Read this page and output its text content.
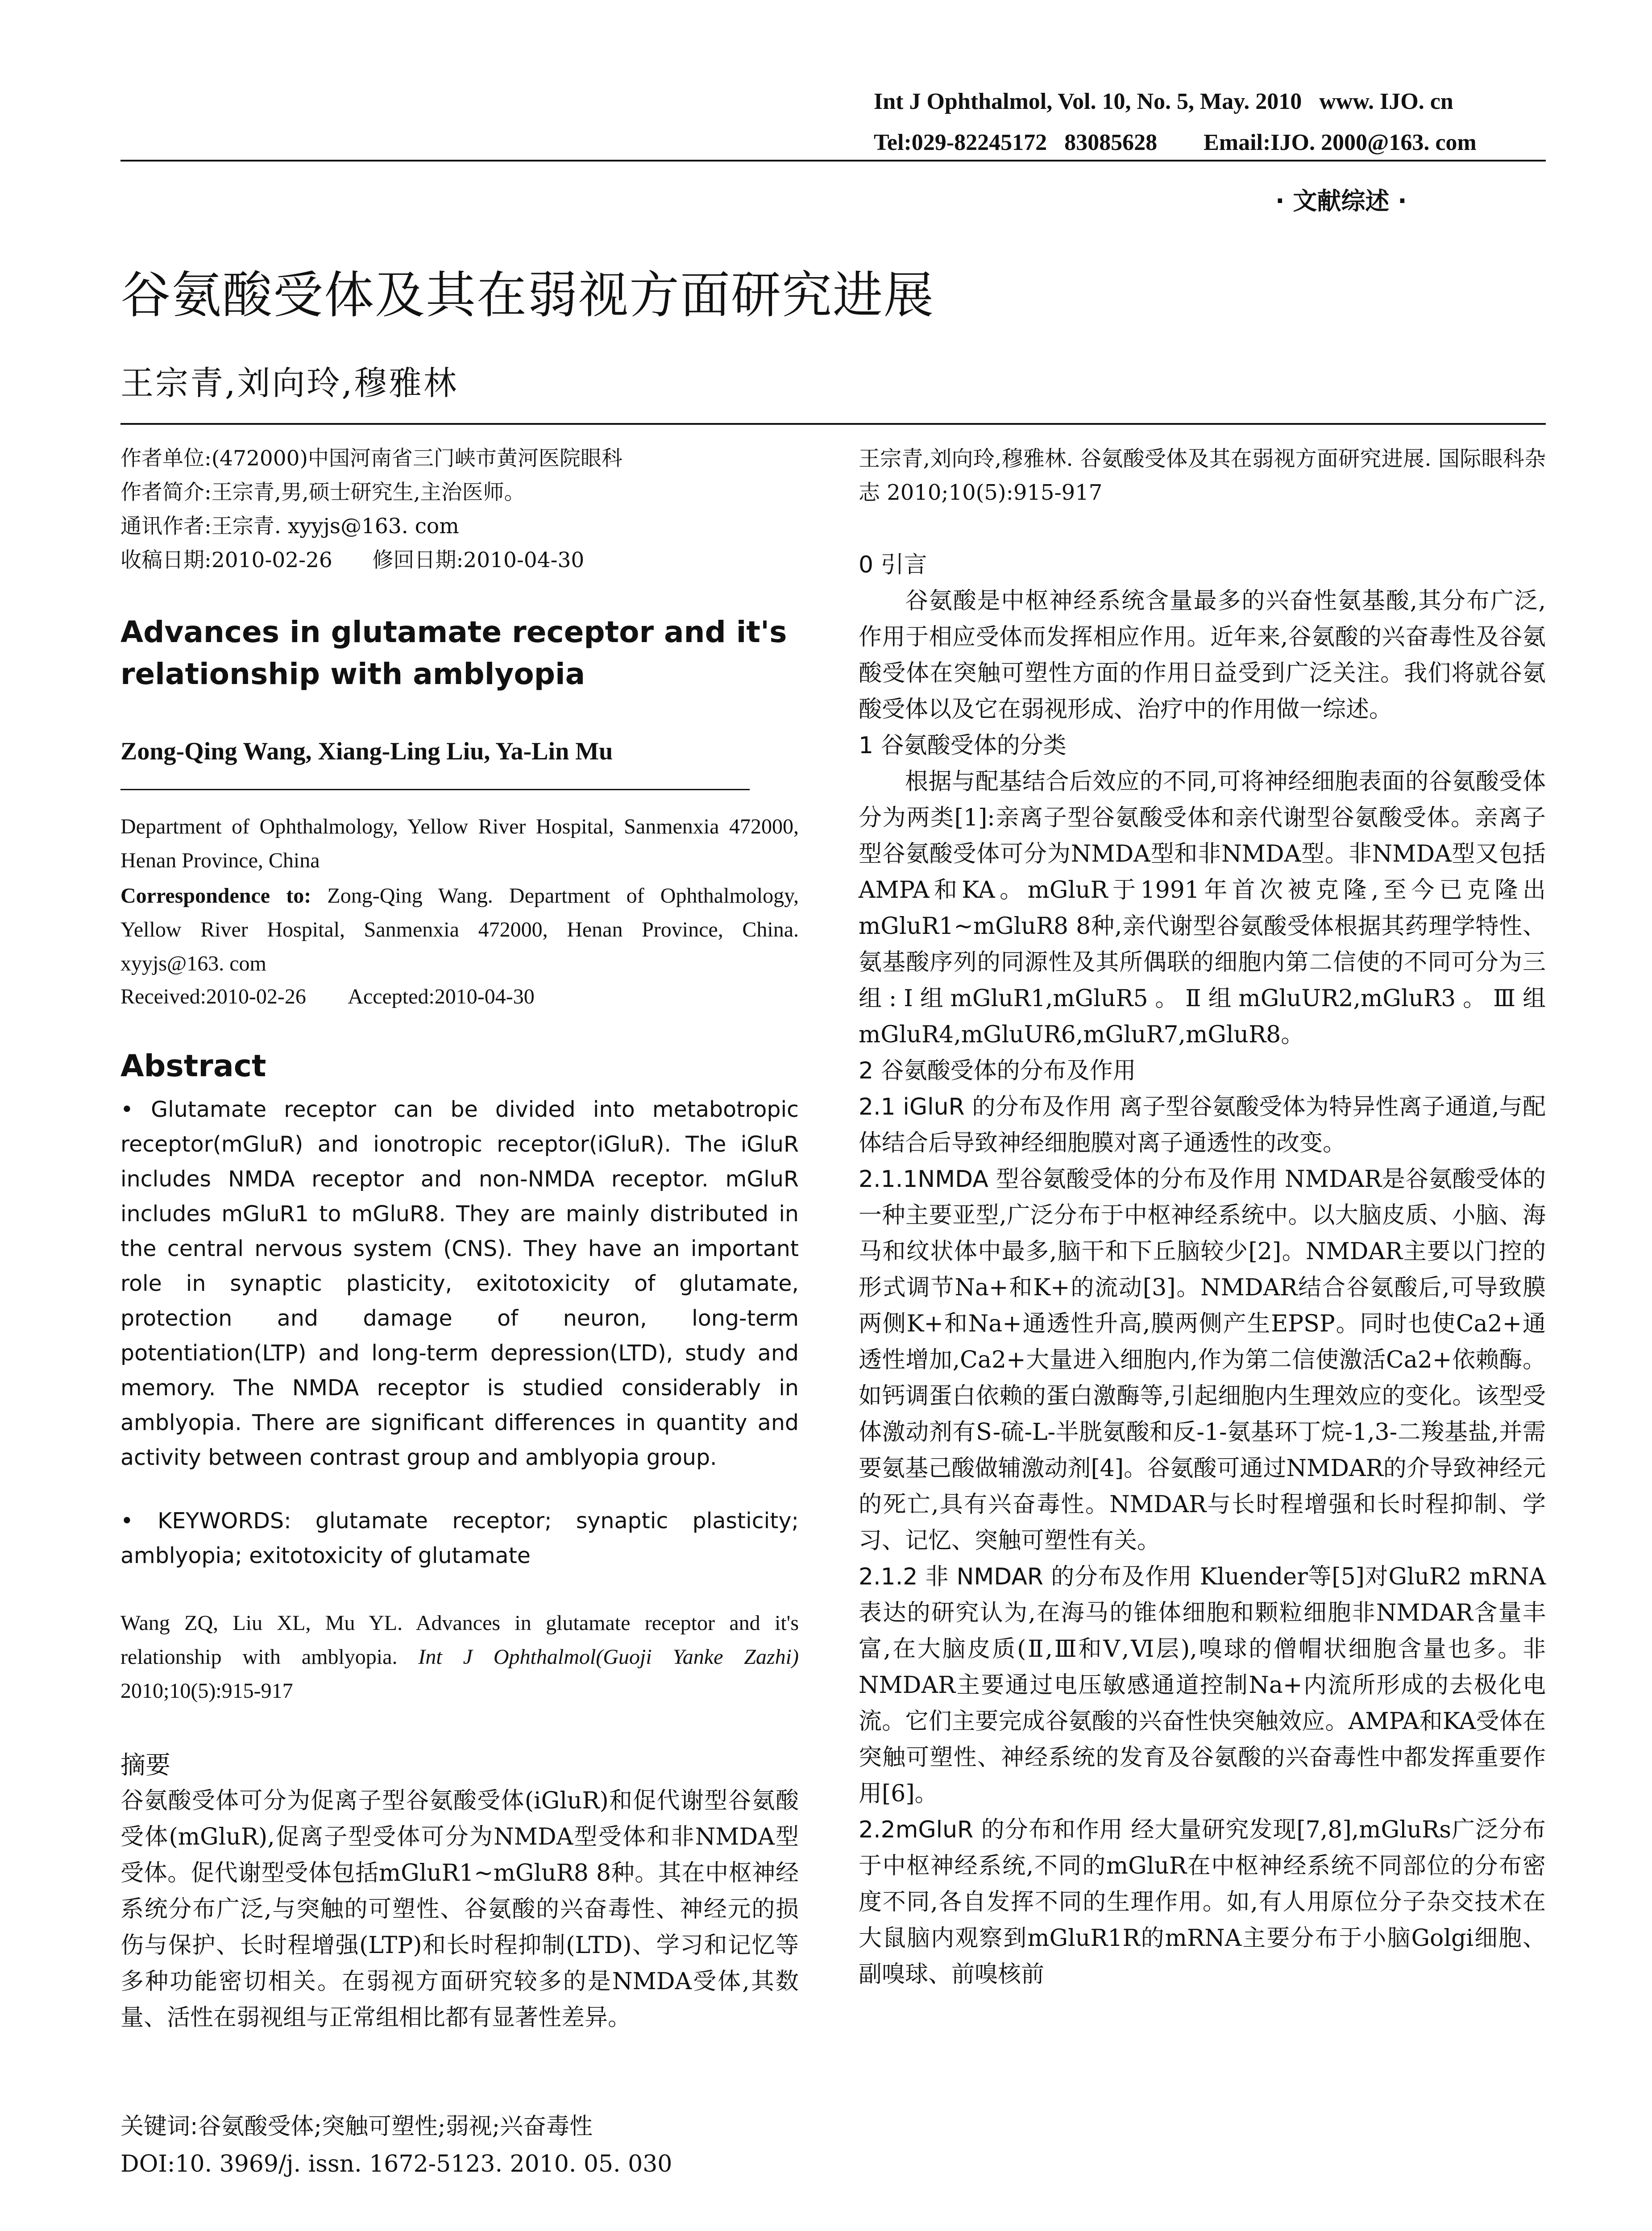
Int J Ophthalmol, Vol. 10, No. 5, May. 2010   www. IJO. cn
Tel:029-82245172   83085628        Email:IJO. 2000@163. com
· 文献综述 ·
谷氨酸受体及其在弱视方面研究进展
王宗青,刘向玲,穆雅林
作者单位:(472000)中国河南省三门峡市黄河医院眼科
作者简介:王宗青,男,硕士研究生,主治医师。
通讯作者:王宗青. xyyjs@163. com
收稿日期:2010-02-26      修回日期:2010-04-30
Advances in glutamate receptor and it's relationship with amblyopia
Zong-Qing Wang, Xiang-Ling Liu, Ya-Lin Mu
Department of Ophthalmology, Yellow River Hospital, Sanmenxia 472000, Henan Province, China
Correspondence to: Zong-Qing Wang. Department of Ophthalmology, Yellow River Hospital, Sanmenxia 472000, Henan Province, China. xyyjs@163. com
Received:2010-02-26        Accepted:2010-04-30
Abstract
• Glutamate receptor can be divided into metabotropic receptor(mGluR) and ionotropic receptor(iGluR). The iGluR includes NMDA receptor and non-NMDA receptor. mGluR includes mGluR1 to mGluR8. They are mainly distributed in the central nervous system (CNS). They have an important role in synaptic plasticity, exitotoxicity of glutamate, protection and damage of neuron, long-term potentiation(LTP) and long-term depression(LTD), study and memory. The NMDA receptor is studied considerably in amblyopia. There are significant differences in quantity and activity between contrast group and amblyopia group.
• KEYWORDS: glutamate receptor; synaptic plasticity; amblyopia; exitotoxicity of glutamate
Wang ZQ, Liu XL, Mu YL. Advances in glutamate receptor and it's relationship with amblyopia. Int J Ophthalmol(Guoji Yanke Zazhi) 2010;10(5):915-917
摘要
谷氨酸受体可分为促离子型谷氨酸受体(iGluR)和促代谢型谷氨酸受体(mGluR),促离子型受体可分为NMDA型受体和非NMDA型受体。促代谢型受体包括mGluR1~mGluR8 8种。其在中枢神经系统分布广泛,与突触的可塑性、谷氨酸的兴奋毒性、神经元的损伤与保护、长时程增强(LTP)和长时程抑制(LTD)、学习和记忆等多种功能密切相关。在弱视方面研究较多的是NMDA受体,其数量、活性在弱视组与正常组相比都有显著性差异。
关键词:谷氨酸受体;突触可塑性;弱视;兴奋毒性
DOI:10. 3969/j. issn. 1672-5123. 2010. 05. 030
王宗青,刘向玲,穆雅林. 谷氨酸受体及其在弱视方面研究进展. 国际眼科杂志 2010;10(5):915-917
0 引言

谷氨酸是中枢神经系统含量最多的兴奋性氨基酸,其分布广泛,作用于相应受体而发挥相应作用。近年来,谷氨酸的兴奋毒性及谷氨酸受体在突触可塑性方面的作用日益受到广泛关注。我们将就谷氨酸受体以及它在弱视形成、治疗中的作用做一综述。

1 谷氨酸受体的分类

根据与配基结合后效应的不同,可将神经细胞表面的谷氨酸受体分为两类[1]:亲离子型谷氨酸受体和亲代谢型谷氨酸受体。亲离子型谷氨酸受体可分为NMDA型和非NMDA型。非NMDA型又包括AMPA和KA。mGluR于1991年首次被克隆,至今已克隆出mGluR1~mGluR8 8种,亲代谢型谷氨酸受体根据其药理学特性、氨基酸序列的同源性及其所偶联的细胞内第二信使的不同可分为三组:Ⅰ组mGluR1,mGluR5。Ⅱ组mGluUR2,mGluR3。Ⅲ组mGluR4,mGluUR6,mGluR7,mGluR8。

2 谷氨酸受体的分布及作用

2.1 iGluR 的分布及作用 离子型谷氨酸受体为特异性离子通道,与配体结合后导致神经细胞膜对离子通透性的改变。

2.1.1NMDA 型谷氨酸受体的分布及作用 NMDAR是谷氨酸受体的一种主要亚型,广泛分布于中枢神经系统中。以大脑皮质、小脑、海马和纹状体中最多,脑干和下丘脑较少[2]。NMDAR主要以门控的形式调节Na+和K+的流动[3]。NMDAR结合谷氨酸后,可导致膜两侧K+和Na+通透性升高,膜两侧产生EPSP。同时也使Ca2+通透性增加,Ca2+大量进入细胞内,作为第二信使激活Ca2+依赖酶。如钙调蛋白依赖的蛋白激酶等,引起细胞内生理效应的变化。该型受体激动剂有S-硫-L-半胱氨酸和反-1-氨基环丁烷-1,3-二羧基盐,并需要氨基己酸做辅激动剂[4]。谷氨酸可通过NMDAR的介导致神经元的死亡,具有兴奋毒性。NMDAR与长时程增强和长时程抑制、学习、记忆、突触可塑性有关。

2.1.2 非 NMDAR 的分布及作用 Kluender等[5]对GluR2 mRNA表达的研究认为,在海马的锥体细胞和颗粒细胞非NMDAR含量丰富,在大脑皮质(Ⅱ,Ⅲ和Ⅴ,Ⅵ层),嗅球的僧帽状细胞含量也多。非NMDAR主要通过电压敏感通道控制Na+内流所形成的去极化电流。它们主要完成谷氨酸的兴奋性快突触效应。AMPA和KA受体在突触可塑性、神经系统的发育及谷氨酸的兴奋毒性中都发挥重要作用[6]。

2.2mGluR 的分布和作用 经大量研究发现[7,8],mGluRs广泛分布于中枢神经系统,不同的mGluR在中枢神经系统不同部位的分布密度不同,各自发挥不同的生理作用。如,有人用原位分子杂交技术在大鼠脑内观察到mGluR1R的mRNA主要分布于小脑Golgi细胞、副嗅球、前嗅核前
